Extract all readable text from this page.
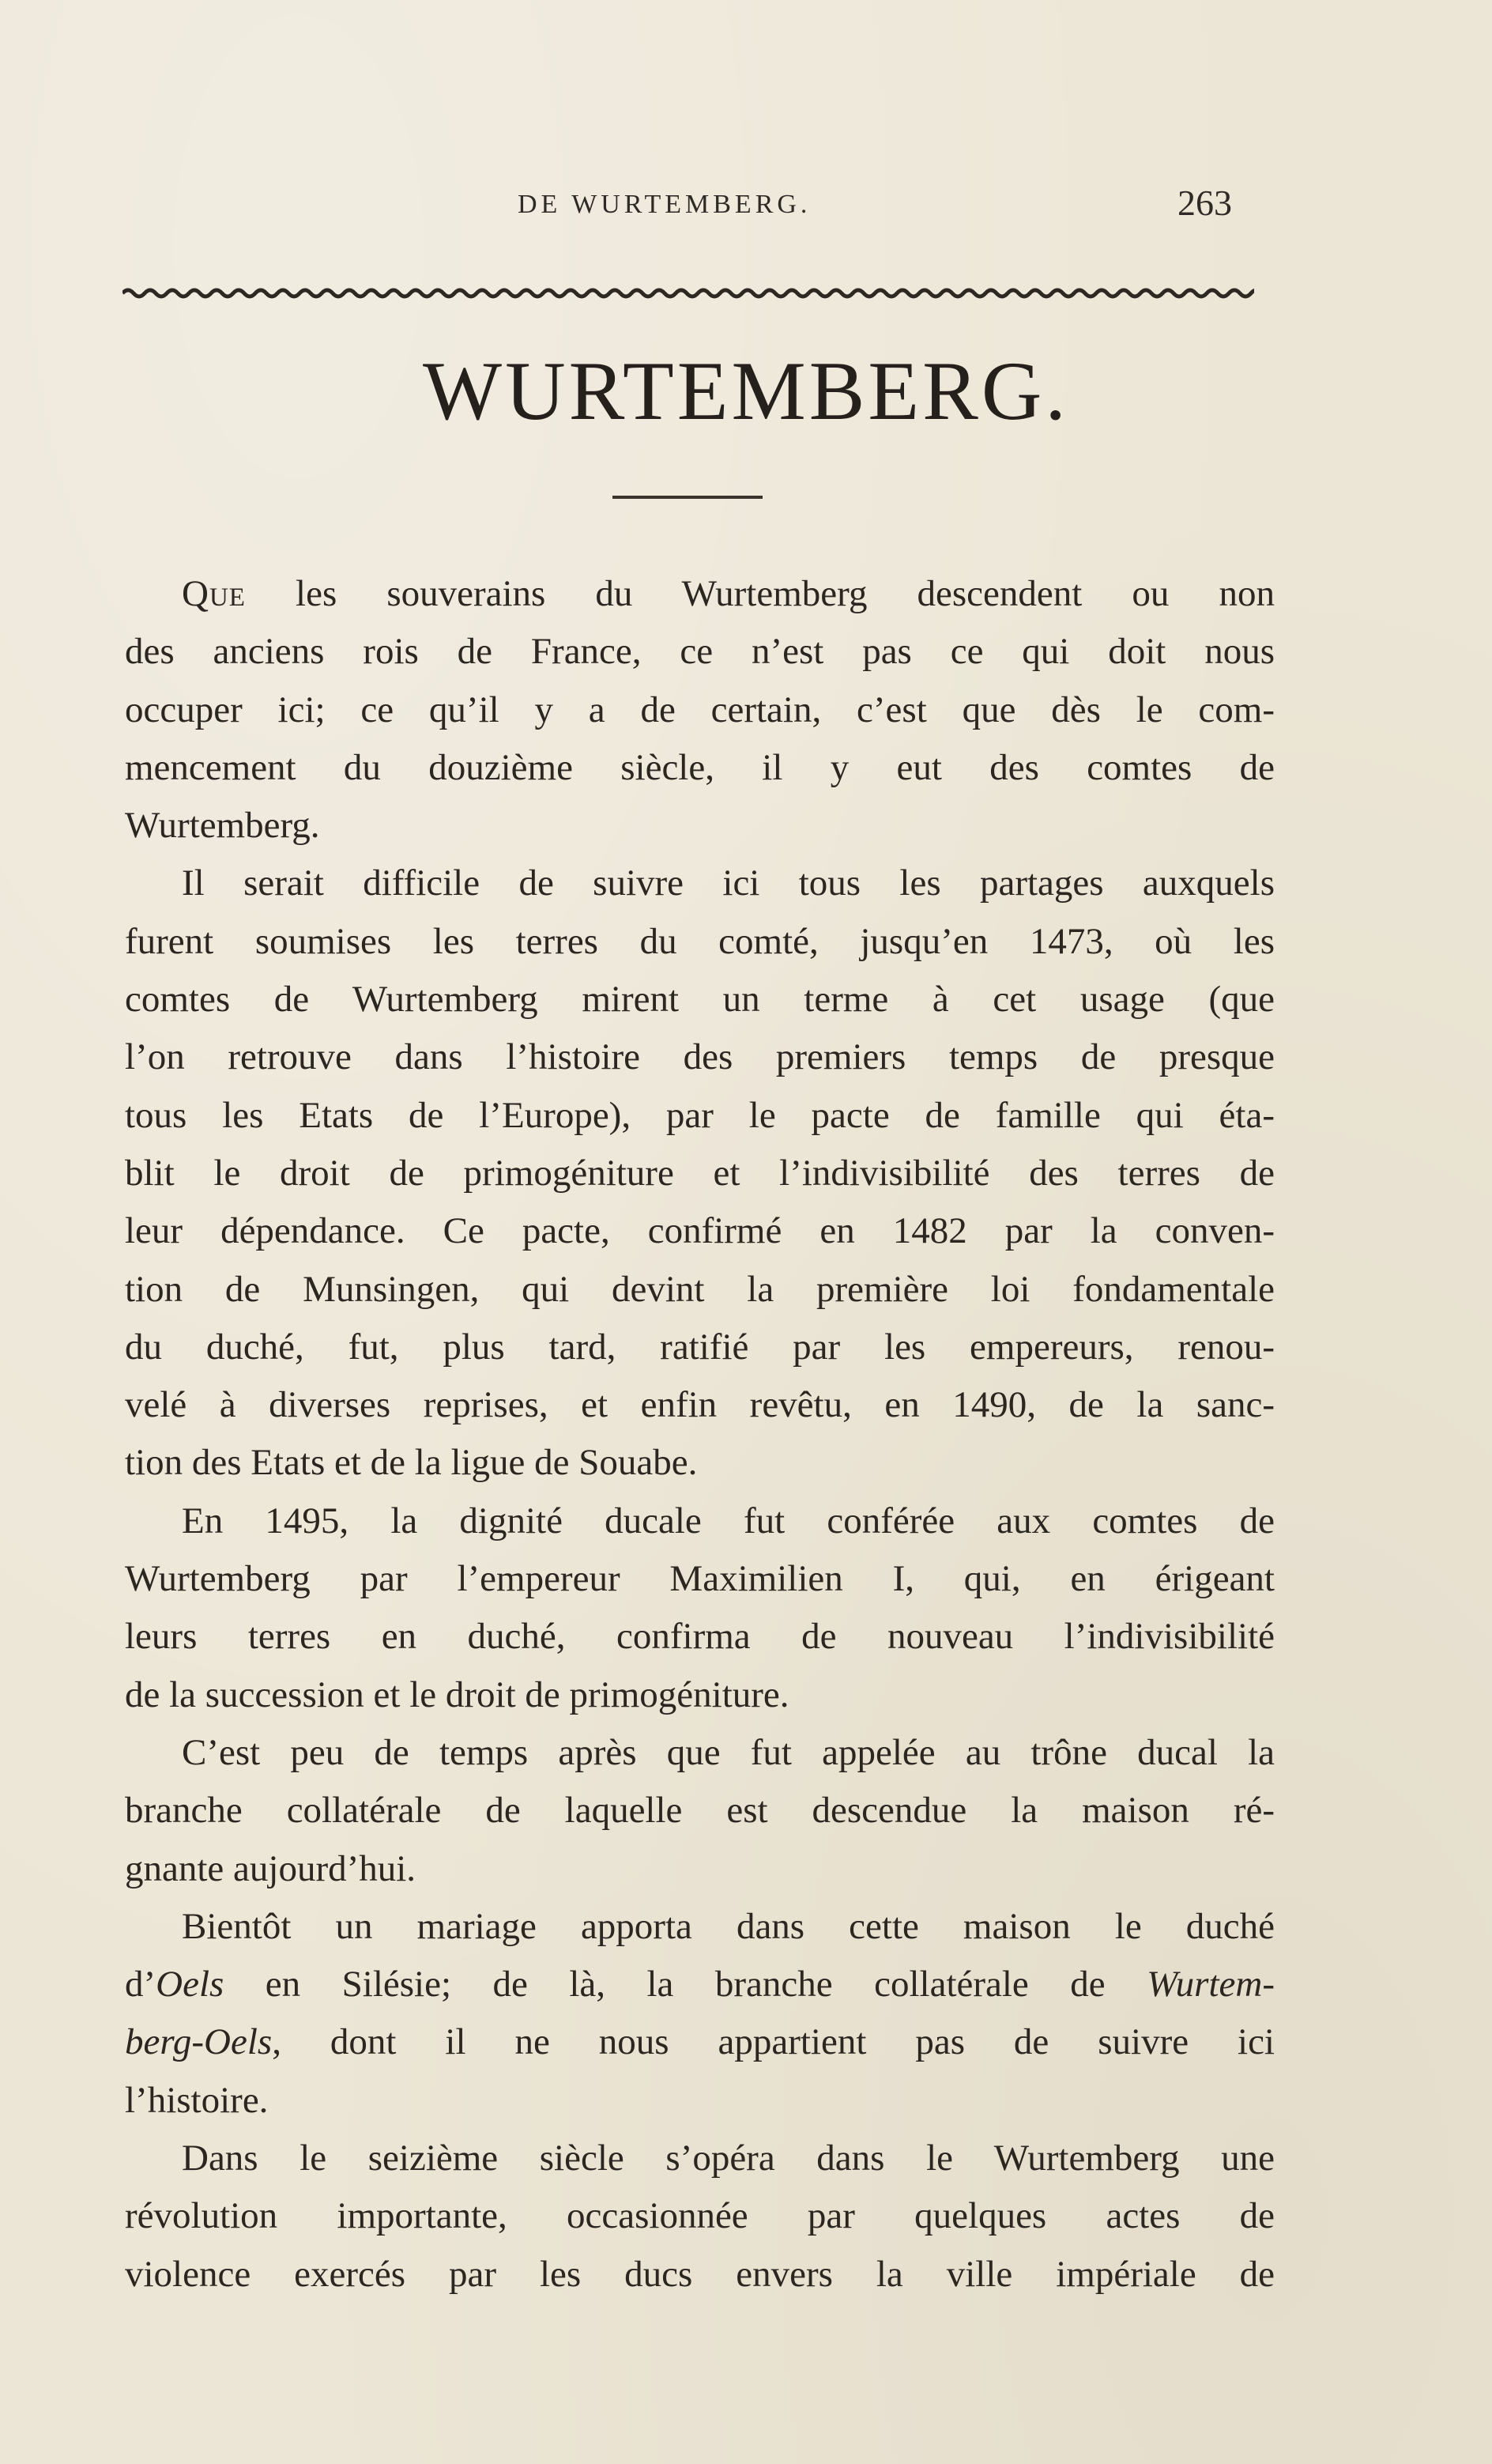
DE WURTEMBERG.	263
WURTEMBERG.
Que les souverains du Wurtemberg descendent ou non
des anciens rois de France, ce n’est pas ce qui doit nous
occuper ici; ce qu’il y a de certain, c’est que dès le com-
mencement du douzième siècle, il y eut des comtes de
Wurtemberg.
Il serait difficile de suivre ici tous les partages auxquels
furent soumises les terres du comté, jusqu’en 1473, où les
comtes de Wurtemberg mirent un terme à cet usage (que
l’on retrouve dans l’histoire des premiers temps de presque
tous les Etats de l’Europe), par le pacte de famille qui éta-
blit le droit de primogéniture et l’indivisibilité des terres de
leur dépendance. Ce pacte, confirmé en 1482 par la conven-
tion de Munsingen, qui devint la première loi fondamentale
du duché, fut, plus tard, ratifié par les empereurs, renou-
velé à diverses reprises, et enfin revêtu, en 1490, de la sanc-
tion des Etats et de la ligue de Souabe.
En 1495, la dignité ducale fut conférée aux comtes de
Wurtemberg par l’empereur Maximilien I, qui, en érigeant
leurs terres en duché, confirma de nouveau l’indivisibilité
de la succession et le droit de primogéniture.
C’est peu de temps après que fut appelée au trône ducal la
branche collatérale de laquelle est descendue la maison ré-
gnante aujourd’hui.
Bientôt un mariage apporta dans cette maison le duché
d’Oels en Silésie; de là, la branche collatérale de Wurtem-
berg-Oels, dont il ne nous appartient pas de suivre ici
l’histoire.
Dans le seizième siècle s’opéra dans le Wurtemberg une
révolution importante, occasionnée par quelques actes de
violence exercés par les ducs envers la ville impériale de
